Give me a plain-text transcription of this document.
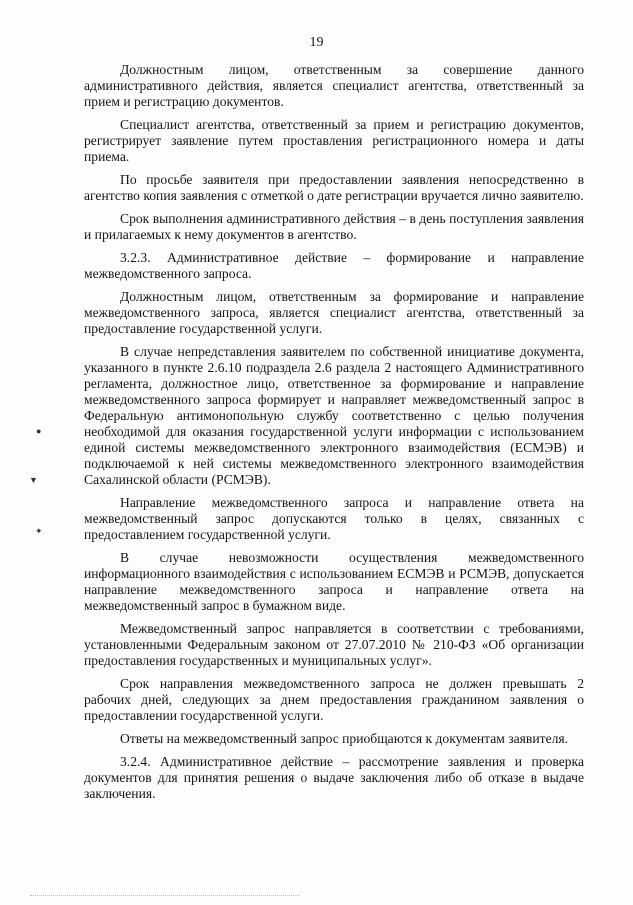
19
●
▼
✦

Должностным лицом, ответственным за совершение данного административного действия, является специалист агентства, ответственный за прием и регистрацию документов.

Специалист агентства, ответственный за прием и регистрацию документов, регистрирует заявление путем проставления регистрационного номера и даты приема.

По просьбе заявителя при предоставлении заявления непосредственно в агентство копия заявления с отметкой о дате регистрации вручается лично заявителю.

Срок выполнения административного действия – в день поступления заявления и прилагаемых к нему документов в агентство.

3.2.3. Административное действие – формирование и направление межведомственного запроса.

Должностным лицом, ответственным за формирование и направление межведомственного запроса, является специалист агентства, ответственный за предоставление государственной услуги.

В случае непредставления заявителем по собственной инициативе документа, указанного в пункте 2.6.10 подраздела 2.6 раздела 2 настоящего Административного регламента, должностное лицо, ответственное за формирование и направление межведомственного запроса формирует и направляет межведомственный запрос в Федеральную антимонопольную службу соответственно с целью получения необходимой для оказания государственной услуги информации с использованием единой системы межведомственного электронного взаимодействия (ЕСМЭВ) и подключаемой к ней системы межведомственного электронного взаимодействия Сахалинской области (РСМЭВ).

Направление межведомственного запроса и направление ответа на межведомственный запрос допускаются только в целях, связанных с предоставлением государственной услуги.

В случае невозможности осуществления межведомственного информационного взаимодействия с использованием ЕСМЭВ и РСМЭВ, допускается направление межведомственного запроса и направление ответа на межведомственный запрос в бумажном виде.

Межведомственный запрос направляется в соответствии с требованиями, установленными Федеральным законом от 27.07.2010 № 210-ФЗ «Об организации предоставления государственных и муниципальных услуг».

Срок направления межведомственного запроса не должен превышать 2 рабочих дней, следующих за днем предоставления гражданином заявления о предоставлении государственной услуги.

Ответы на межведомственный запрос приобщаются к документам заявителя.

3.2.4. Административное действие – рассмотрение заявления и проверка документов для принятия решения о выдаче заключения либо об отказе в выдаче заключения.
